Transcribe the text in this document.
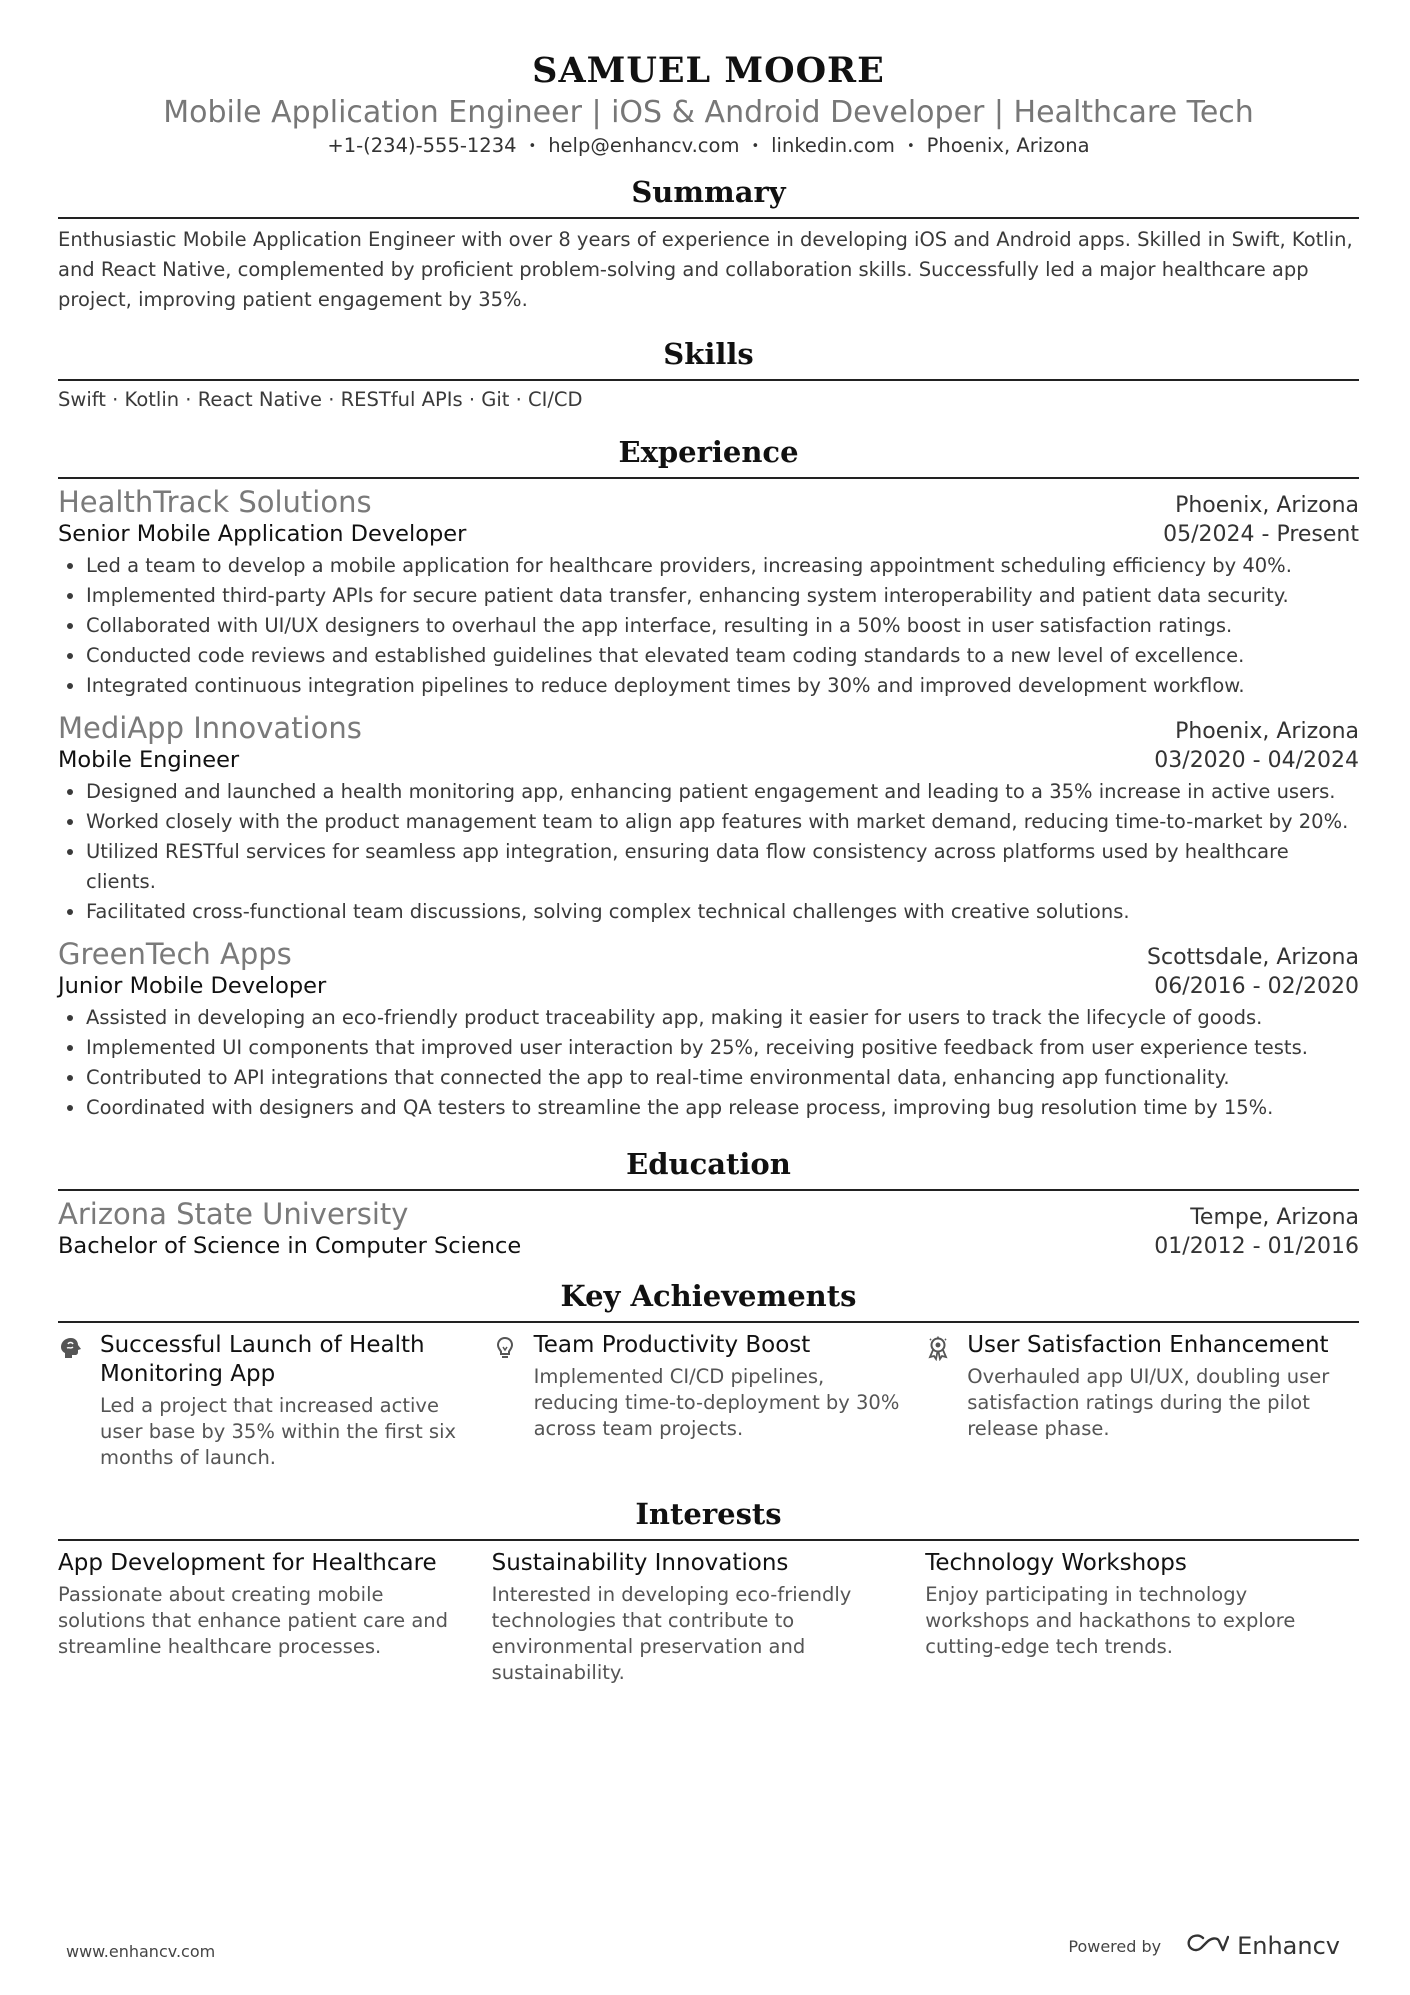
SAMUEL MOORE
Mobile Application Engineer | iOS & Android Developer | Healthcare Tech
+1-(234)-555-1234 • help@enhancv.com • linkedin.com • Phoenix, Arizona
Summary
Enthusiastic Mobile Application Engineer with over 8 years of experience in developing iOS and Android apps. Skilled in Swift, Kotlin, and React Native, complemented by proficient problem-solving and collaboration skills. Successfully led a major healthcare app project, improving patient engagement by 35%.
Skills
Swift · Kotlin · React Native · RESTful APIs · Git · CI/CD
Experience
HealthTrack Solutions	Phoenix, Arizona
Senior Mobile Application Developer	05/2024 - Present
• Led a team to develop a mobile application for healthcare providers, increasing appointment scheduling efficiency by 40%.
• Implemented third-party APIs for secure patient data transfer, enhancing system interoperability and patient data security.
• Collaborated with UI/UX designers to overhaul the app interface, resulting in a 50% boost in user satisfaction ratings.
• Conducted code reviews and established guidelines that elevated team coding standards to a new level of excellence.
• Integrated continuous integration pipelines to reduce deployment times by 30% and improved development workflow.
MediApp Innovations	Phoenix, Arizona
Mobile Engineer	03/2020 - 04/2024
• Designed and launched a health monitoring app, enhancing patient engagement and leading to a 35% increase in active users.
• Worked closely with the product management team to align app features with market demand, reducing time-to-market by 20%.
• Utilized RESTful services for seamless app integration, ensuring data flow consistency across platforms used by healthcare clients.
• Facilitated cross-functional team discussions, solving complex technical challenges with creative solutions.
GreenTech Apps	Scottsdale, Arizona
Junior Mobile Developer	06/2016 - 02/2020
• Assisted in developing an eco-friendly product traceability app, making it easier for users to track the lifecycle of goods.
• Implemented UI components that improved user interaction by 25%, receiving positive feedback from user experience tests.
• Contributed to API integrations that connected the app to real-time environmental data, enhancing app functionality.
• Coordinated with designers and QA testers to streamline the app release process, improving bug resolution time by 15%.
Education
Arizona State University	Tempe, Arizona
Bachelor of Science in Computer Science	01/2012 - 01/2016
Key Achievements
Successful Launch of Health Monitoring App
Led a project that increased active user base by 35% within the first six months of launch.
Team Productivity Boost
Implemented CI/CD pipelines, reducing time-to-deployment by 30% across team projects.
User Satisfaction Enhancement
Overhauled app UI/UX, doubling user satisfaction ratings during the pilot release phase.
Interests
App Development for Healthcare
Passionate about creating mobile solutions that enhance patient care and streamline healthcare processes.
Sustainability Innovations
Interested in developing eco-friendly technologies that contribute to environmental preservation and sustainability.
Technology Workshops
Enjoy participating in technology workshops and hackathons to explore cutting-edge tech trends.
www.enhancv.com	Powered by	Enhancv
